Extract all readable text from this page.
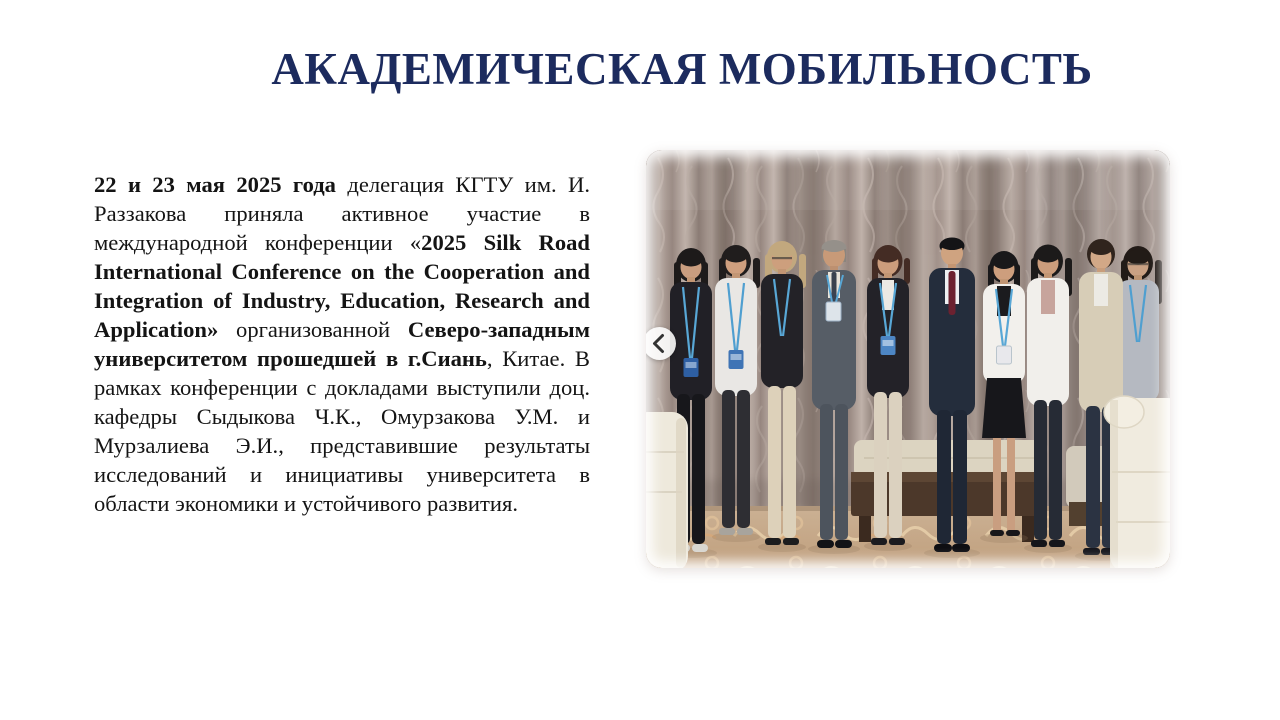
АКАДЕМИЧЕСКАЯ МОБИЛЬНОСТЬ

22 и 23 мая 2025 года делегация КГТУ им. И. Раззакова приняла активное участие в международной конференции «2025 Silk Road International Conference on the Cooperation and Integration of Industry, Education, Research and Application» организованной Северо-западным университетом прошедшей в г.Сиань, Китае. В рамках конференции с докладами выступили доц. кафедры Сыдыкова Ч.К., Омурзакова У.М. и Мурзалиева Э.И., представившие результаты исследований и инициативы университета в области экономики и устойчивого развития.
